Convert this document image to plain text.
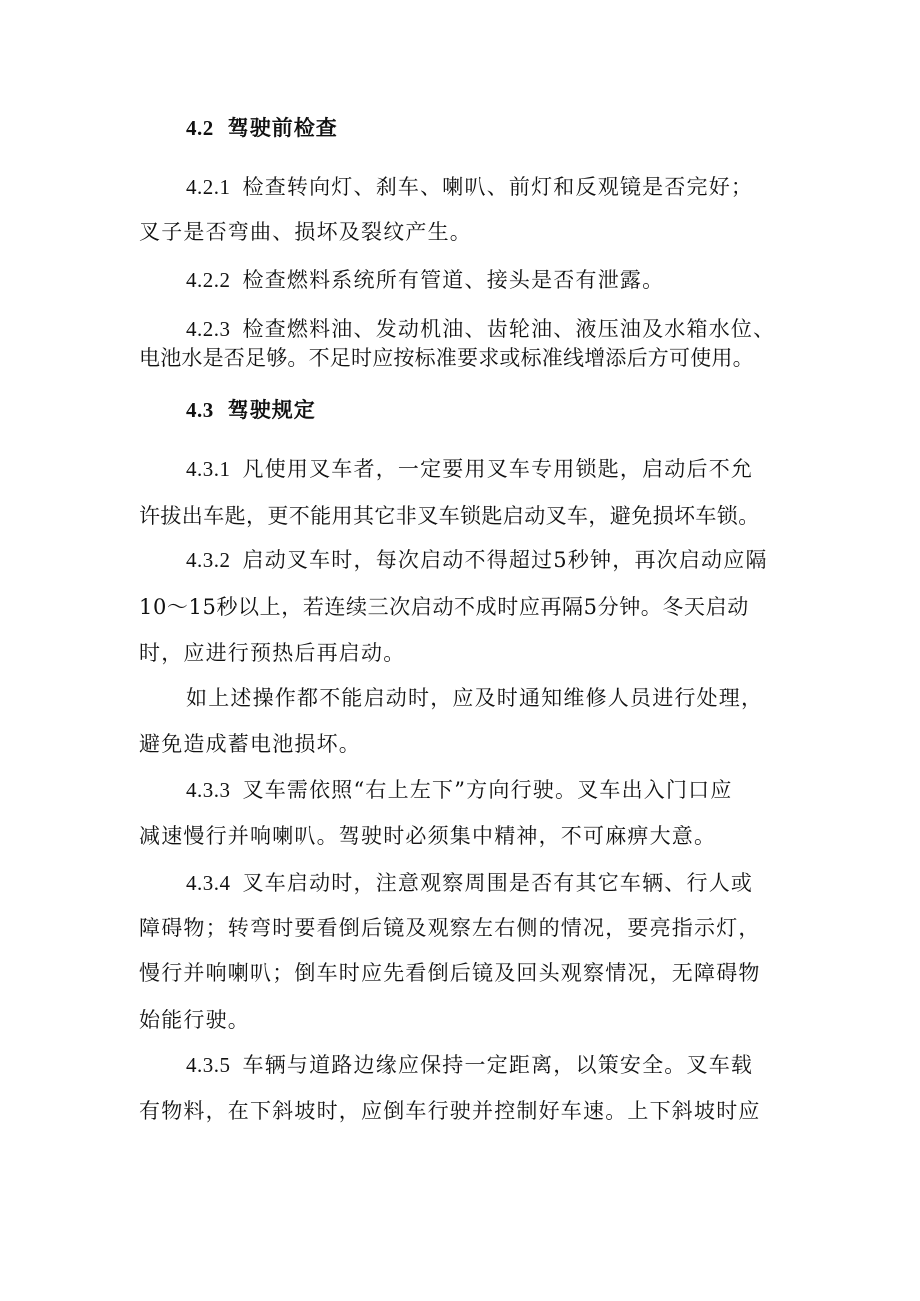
4.2 驾驶前检查
4.2.1 检查转向灯、刹车、喇叭、前灯和反观镜是否完好；
叉子是否弯曲、损坏及裂纹产生。
4.2.2 检查燃料系统所有管道、接头是否有泄露。
4.2.3 检查燃料油、发动机油、齿轮油、液压油及水箱水位、
电池水是否足够。不足时应按标准要求或标准线增添后方可使用。
4.3 驾驶规定
4.3.1 凡使用叉车者，一定要用叉车专用锁匙，启动后不允
许拔出车匙，更不能用其它非叉车锁匙启动叉车，避免损坏车锁。
4.3.2 启动叉车时，每次启动不得超过5秒钟，再次启动应隔
10～15秒以上，若连续三次启动不成时应再隔5分钟。冬天启动
时，应进行预热后再启动。
如上述操作都不能启动时，应及时通知维修人员进行处理，
避免造成蓄电池损坏。
4.3.3 叉车需依照“右上左下”方向行驶。叉车出入门口应
减速慢行并响喇叭。驾驶时必须集中精神，不可麻痹大意。
4.3.4 叉车启动时，注意观察周围是否有其它车辆、行人或
障碍物；转弯时要看倒后镜及观察左右侧的情况，要亮指示灯，
慢行并响喇叭；倒车时应先看倒后镜及回头观察情况，无障碍物
始能行驶。
4.3.5 车辆与道路边缘应保持一定距离，以策安全。叉车载
有物料，在下斜坡时，应倒车行驶并控制好车速。上下斜坡时应
